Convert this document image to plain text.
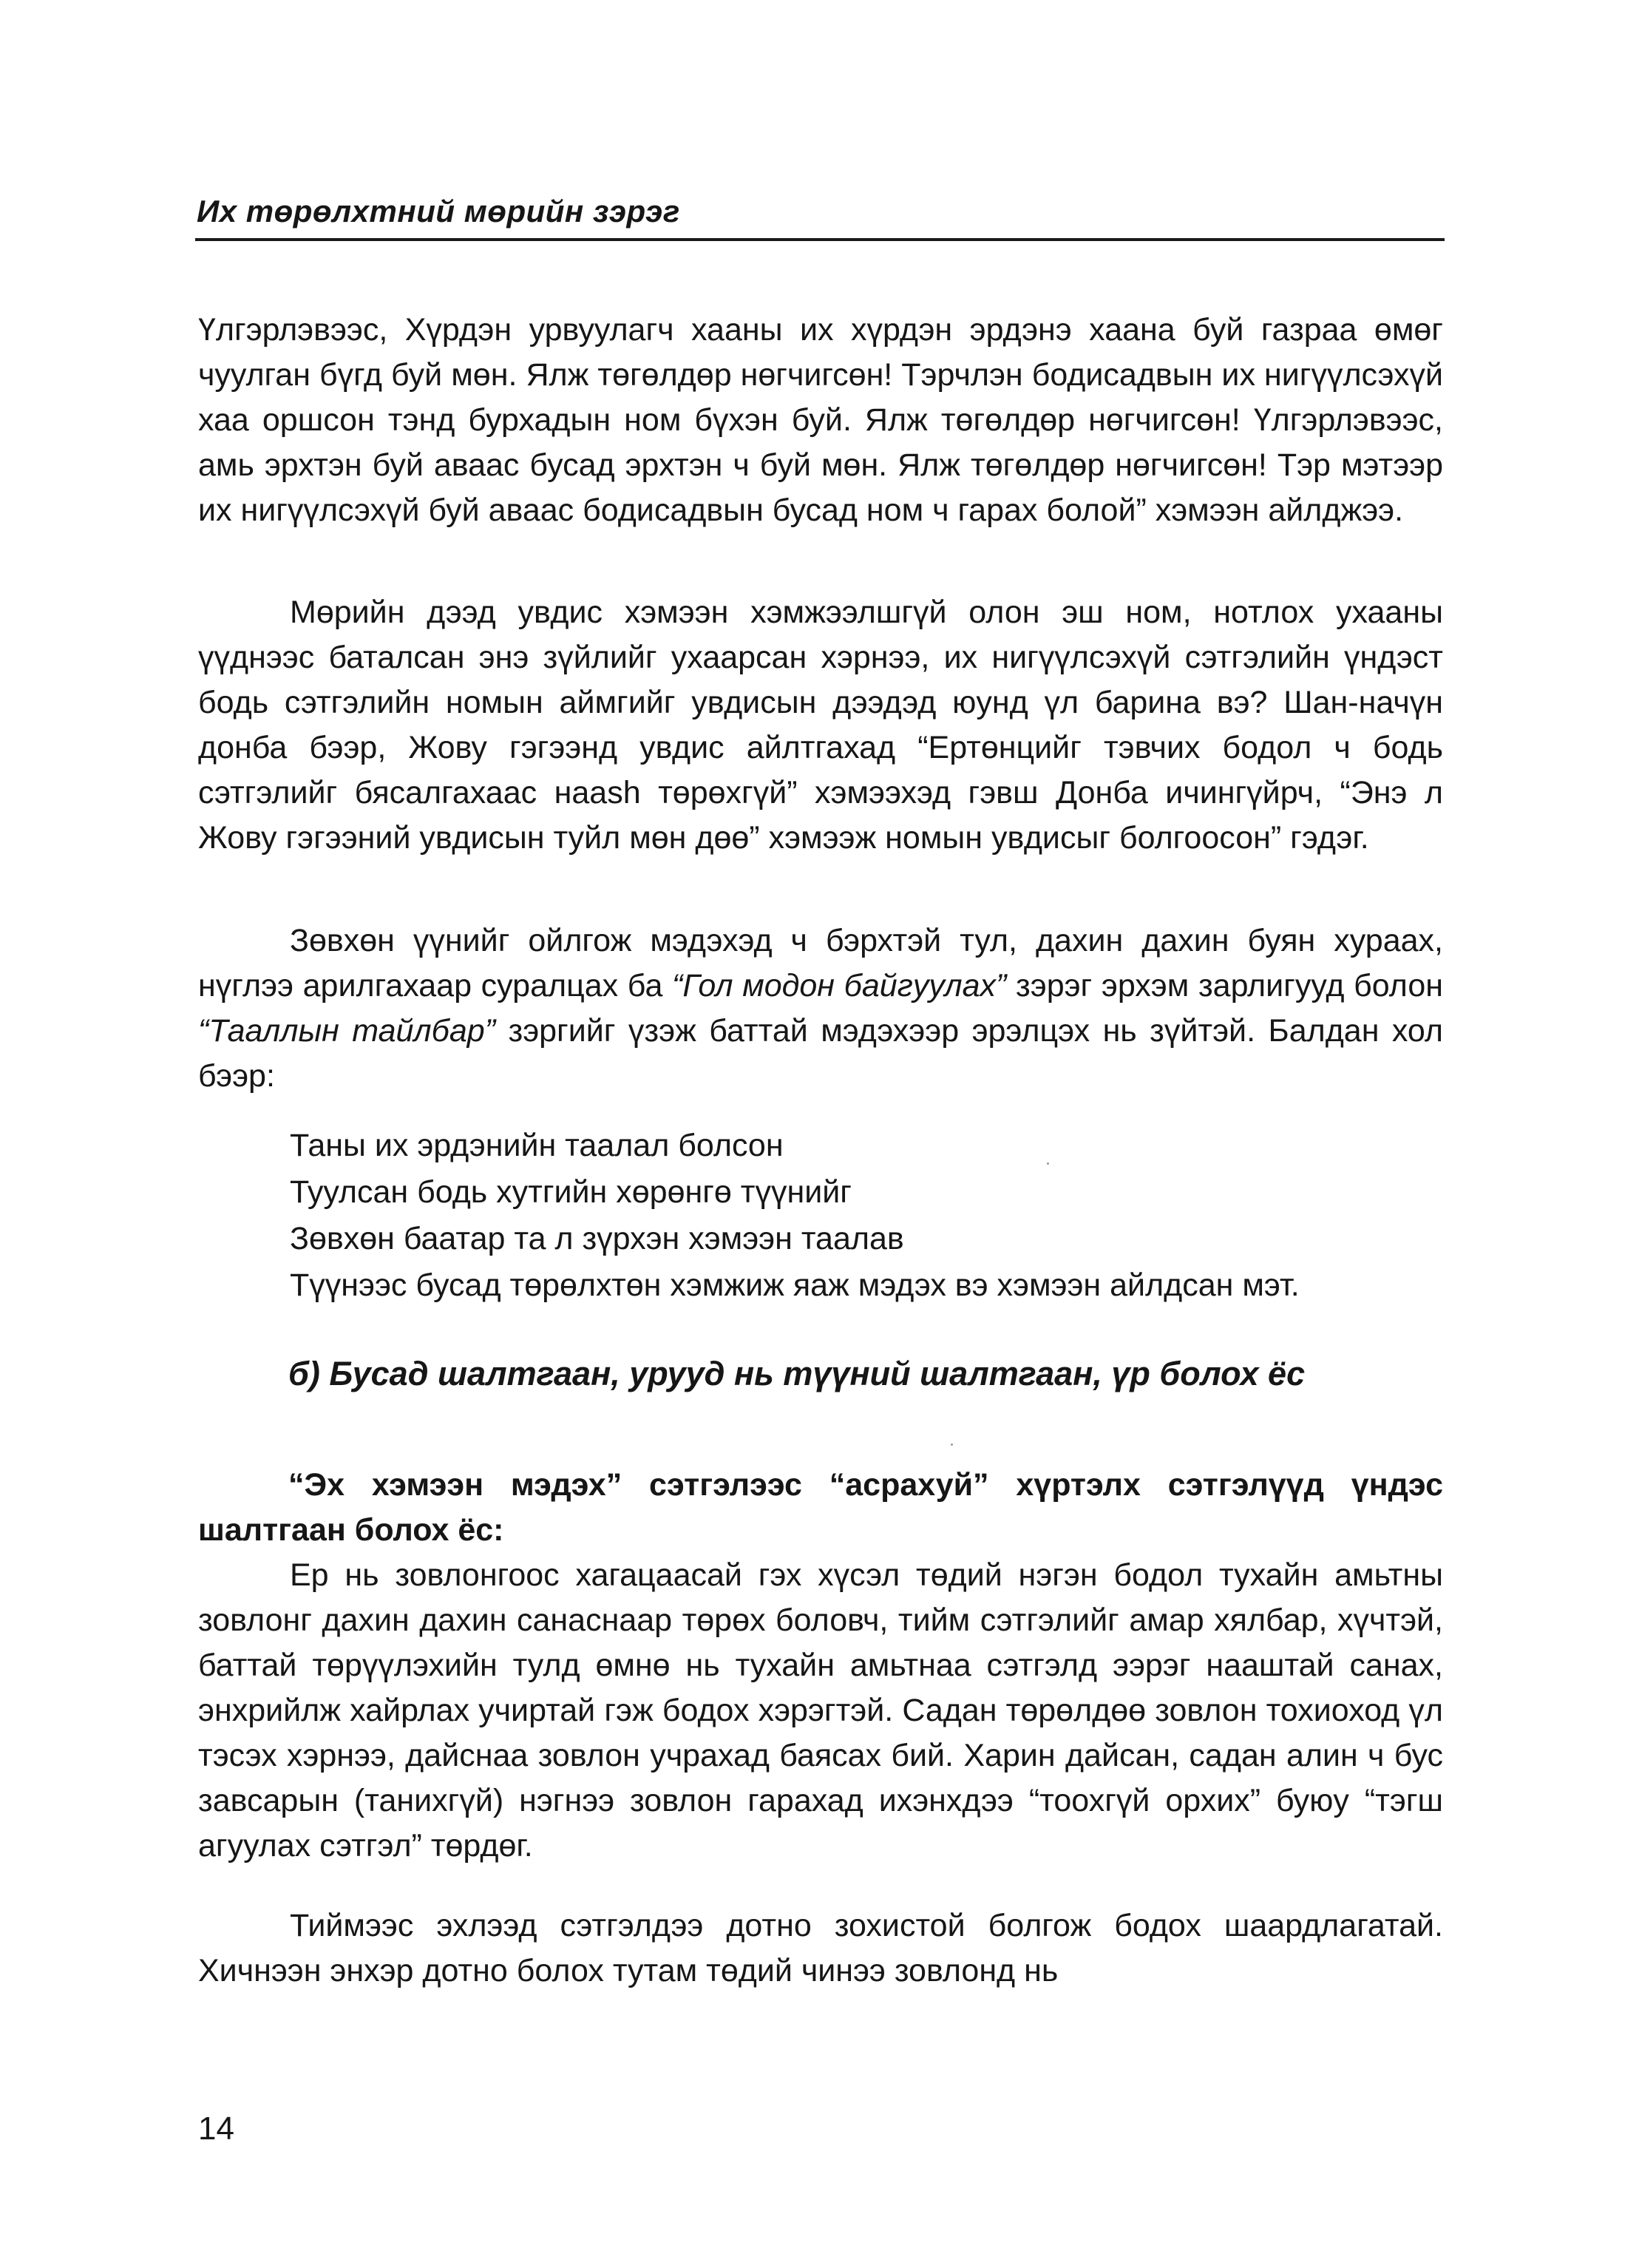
Их төрөлхтний мөрийн зэрэг

Үлгэрлэвээс, Хүрдэн урвуулагч хааны их хүрдэн эрдэнэ хаана буй газраа өмөг чуулган бүгд буй мөн. Ялж төгөлдөр нөгчигсөн! Тэрчлэн бодисадвын их нигүүлсэхүй хаа оршсон тэнд бурхадын ном бүхэн буй. Ялж төгөлдөр нөгчигсөн! Үлгэрлэвээс, амь эрхтэн буй аваас бусад эрхтэн ч буй мөн. Ялж төгөлдөр нөгчигсөн! Тэр мэтээр их нигүүлсэхүй буй аваас бодисадвын бусад ном ч гарах болой” хэмээн айлджээ.

Мөрийн дээд увдис хэмээн хэмжээлшгүй олон эш ном, нотлох ухааны үүднээс баталсан энэ зүйлийг ухаарсан хэрнээ, их нигүүлсэхүй сэтгэлийн үндэст бодь сэтгэлийн номын аймгийг увдисын дээдэд юунд үл барина вэ? Шан-начүн донба бээр, Жову гэгээнд увдис айлтгахад “Ертөнцийг тэвчих бодол ч бодь сэтгэлийг бясалгахаас наash төрөхгүй” хэмээхэд гэвш Донба ичингүйрч, “Энэ л Жову гэгээний увдисын туйл мөн дөө” хэмээж номын увдисыг болгоосон” гэдэг.

Зөвхөн үүнийг ойлгож мэдэхэд ч бэрхтэй тул, дахин дахин буян хураах, нүглээ арилгахаар суралцах ба “Гол модон байгуулах” зэрэг эрхэм зарлигууд болон “Тааллын тайлбар” зэргийг үзэж баттай мэдэхээр эрэлцэх нь зүйтэй. Балдан хол бээр:

Таны их эрдэнийн таалал болсон
Туулсан бодь хутгийн хөрөнгө түүнийг
Зөвхөн баатар та л зүрхэн хэмээн таалав
Түүнээс бусад төрөлхтөн хэмжиж яаж мэдэх вэ хэмээн айлдсан мэт.
б) Бусад шалтгаан, урууд нь түүний шалтгаан, үр болох ёс

“Эх хэмээн мэдэх” сэтгэлээс “асрахуй” хүртэлх сэтгэлүүд үндэс шалтгаан болох ёс:

Ер нь зовлонгоос хагацаасай гэх хүсэл төдий нэгэн бодол тухайн амьтны зовлонг дахин дахин санаснаар төрөх боловч, тийм сэтгэлийг амар хялбар, хүчтэй, баттай төрүүлэхийн тулд өмнө нь тухайн амьтнаа сэтгэлд ээрэг наaштай санах, энхрийлж хайрлах учиртай гэж бодох хэрэгтэй. Садан төрөлдөө зовлон тохиоход үл тэсэх хэрнээ, дайснаа зовлон учрахад баясах бий. Харин дайсан, садан алин ч бус завсарын (танихгүй) нэгнээ зовлон гарахад ихэнхдээ “тоохгүй орхих” буюу “тэгш агуулах сэтгэл” төрдөг.

Тиймээс эхлээд сэтгэлдээ дотно зохистой болгож бодох шаардлагатай. Хичнээн энхэр дотно болох тутам төдий чинээ зовлонд нь

14
